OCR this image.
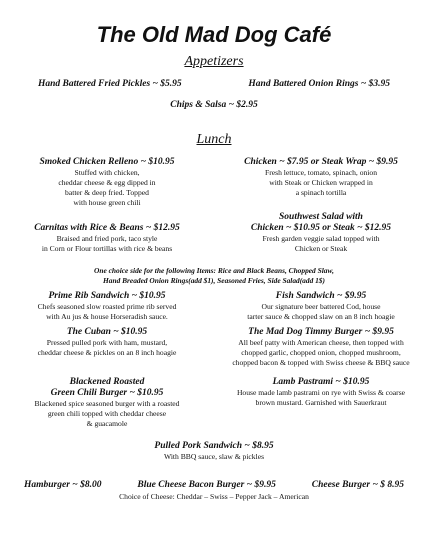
The Old Mad Dog Café
Appetizers
Hand Battered Fried Pickles ~ $5.95	Hand Battered Onion Rings ~ $3.95
Chips & Salsa ~ $2.95
Lunch
Smoked Chicken Relleno ~ $10.95
Stuffed with chicken,
cheddar cheese & egg dipped in
batter & deep fried. Topped
with house green chili
Chicken ~ $7.95 or Steak Wrap ~ $9.95
Fresh lettuce, tomato, spinach, onion
with Steak or Chicken wrapped in
a spinach tortilla
Southwest Salad with
Chicken ~ $10.95 or Steak ~ $12.95
Fresh garden veggie salad topped with
Chicken or Steak
Carnitas with Rice & Beans ~ $12.95
Braised and fried pork, taco style
in Corn or Flour tortillas with rice & beans
One choice side for the following Items: Rice and Black Beans, Chopped Slaw,
Hand Breaded Onion Rings(add $1), Seasoned Fries, Side Salad(add 1$)
Prime Rib Sandwich ~ $10.95
Chefs seasoned slow roasted prime rib served
with Au jus & house Horseradish sauce.
Fish Sandwich ~ $9.95
Our signature beer battered Cod, house
tarter sauce & chopped slaw on an 8 inch hoagie
The Cuban ~ $10.95
Pressed pulled pork with ham, mustard,
cheddar cheese & pickles on an 8 inch hoagie
The Mad Dog Timmy Burger ~ $9.95
All beef patty with American cheese, then topped with
chopped garlic, chopped onion, chopped mushroom,
chopped bacon & topped with Swiss cheese & BBQ sauce
Blackened Roasted
Green Chili Burger ~ $10.95
Blackened spice seasoned burger with a roasted
green chili topped with cheddar cheese
& guacamole
Lamb Pastrami ~ $10.95
House made lamb pastrami on rye with Swiss & coarse
brown mustard. Garnished with Sauerkraut
Pulled Pork Sandwich ~ $8.95
With BBQ sauce, slaw & pickles
Hamburger ~ $8.00	Blue Cheese Bacon Burger ~ $9.95	Cheese Burger ~ $ 8.95
Choice of Cheese: Cheddar – Swiss – Pepper Jack – American
